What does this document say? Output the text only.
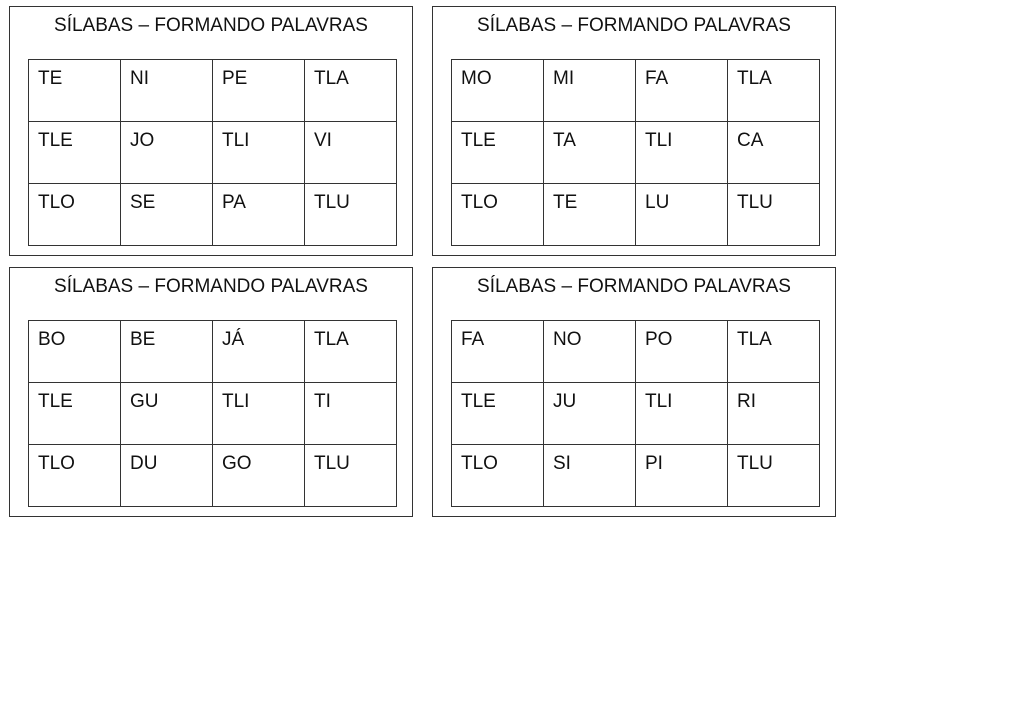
SÍLABAS – FORMANDO PALAVRAS
TE	NI	PE	TLA

TLE	JO	TLI	VI

TLO	SE	PA	TLU
SÍLABAS – FORMANDO PALAVRAS
MO	MI	FA	TLA

TLE	TA	TLI	CA

TLO	TE	LU	TLU
SÍLABAS – FORMANDO PALAVRAS
BO	BE	JÁ	TLA

TLE	GU	TLI	TI

TLO	DU	GO	TLU
SÍLABAS – FORMANDO PALAVRAS
FA	NO	PO	TLA

TLE	JU	TLI	RI

TLO	SI	PI	TLU
